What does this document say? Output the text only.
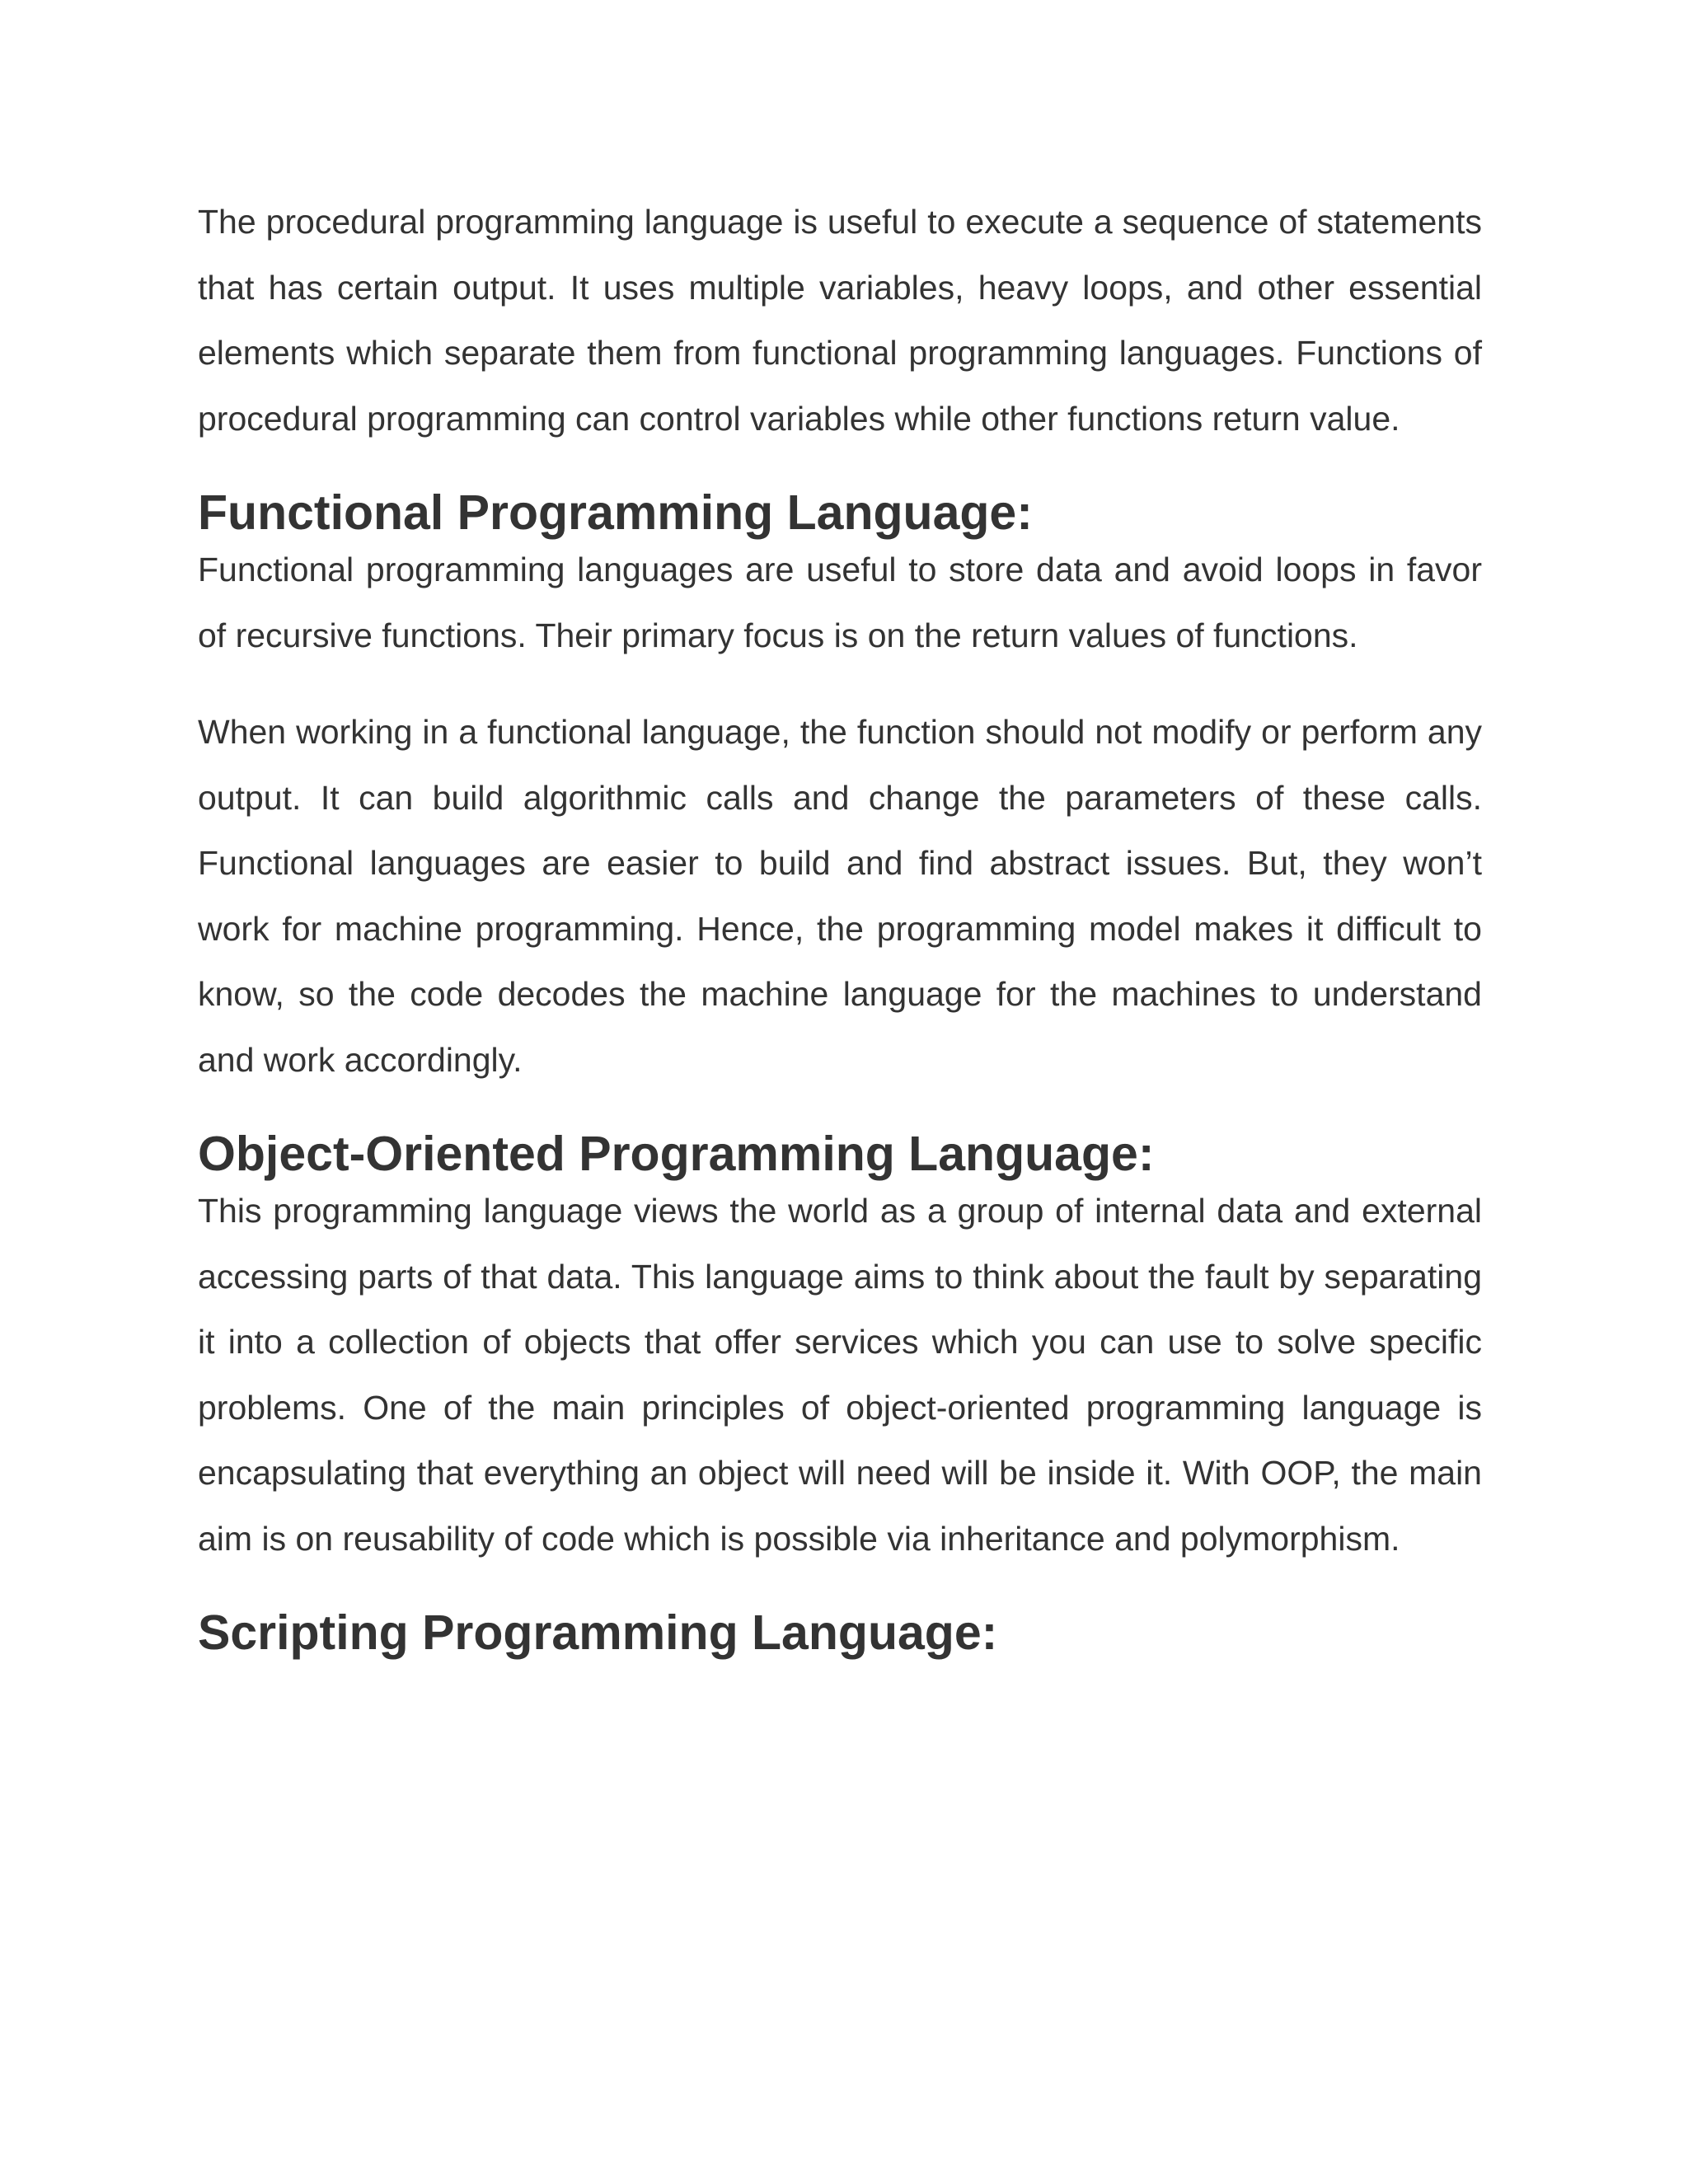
The procedural programming language is useful to execute a sequence of statements that has certain output. It uses multiple variables, heavy loops, and other essential elements which separate them from functional programming languages. Functions of procedural programming can control variables while other functions return value.

Functional Programming Language:

Functional programming languages are useful to store data and avoid loops in favor of recursive functions. Their primary focus is on the return values of functions.

When working in a functional language, the function should not modify or perform any output. It can build algorithmic calls and change the parameters of these calls. Functional languages are easier to build and find abstract issues. But, they won’t work for machine programming. Hence, the programming model makes it difficult to know, so the code decodes the machine language for the machines to understand and work accordingly.

Object-Oriented Programming Language:

This programming language views the world as a group of internal data and external accessing parts of that data. This language aims to think about the fault by separating it into a collection of objects that offer services which you can use to solve specific problems. One of the main principles of object-oriented programming language is encapsulating that everything an object will need will be inside it. With OOP, the main aim is on reusability of code which is possible via inheritance and polymorphism.

Scripting Programming Language:
